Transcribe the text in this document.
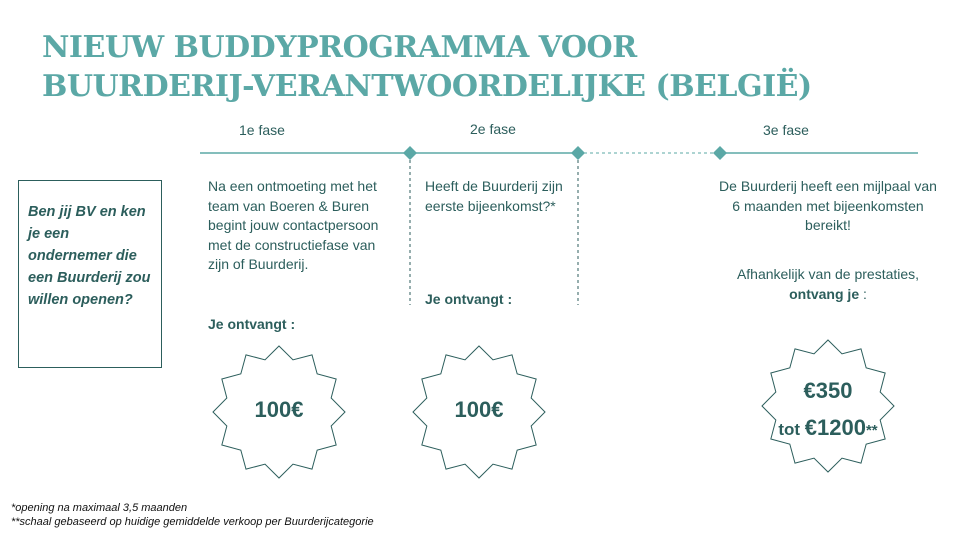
NIEUW BUDDYPROGRAMMA VOOR
BUURDERIJ-VERANTWOORDELIJKE (BELGIË)
1e fase	2e fase	3e fase
Ben jij BV en ken je een ondernemer die een Buurderij zou willen openen?
Na een ontmoeting met het team van Boeren & Buren begint jouw contactpersoon met de constructiefase van zijn of Buurderij.
Je ontvangt :
Heeft de Buurderij zijn eerste bijeenkomst?*
Je ontvangt :
De Buurderij heeft een mijlpaal van 6 maanden met bijeenkomsten bereikt!
Afhankelijk van de prestaties, ontvang je :
100€	100€
€350
tot €1200**
*opening na maximaal 3,5 maanden
**schaal gebaseerd op huidige gemiddelde verkoop per Buurderijcategorie
